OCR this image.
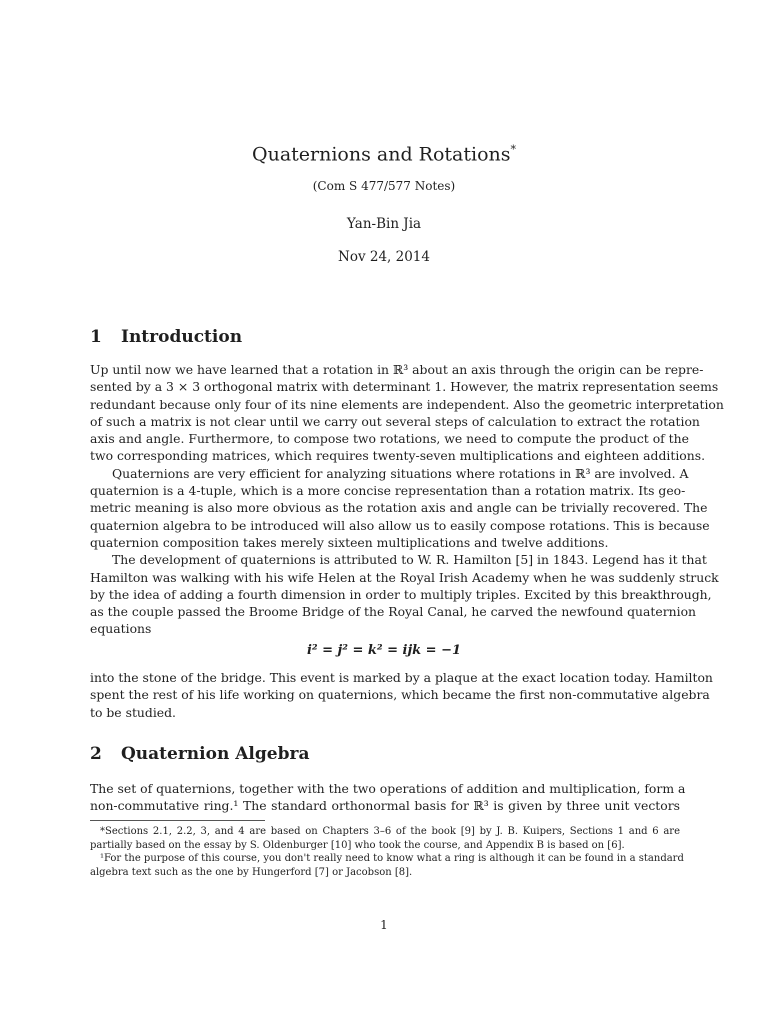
Quaternions and Rotations*
(Com S 477/577 Notes)
Yan-Bin Jia
Nov 24, 2014
1 Introduction
Up until now we have learned that a rotation in ℝ³ about an axis through the origin can be repre-
sented by a 3 × 3 orthogonal matrix with determinant 1. However, the matrix representation seems
redundant because only four of its nine elements are independent. Also the geometric interpretation
of such a matrix is not clear until we carry out several steps of calculation to extract the rotation
axis and angle. Furthermore, to compose two rotations, we need to compute the product of the
two corresponding matrices, which requires twenty-seven multiplications and eighteen additions.
Quaternions are very efficient for analyzing situations where rotations in ℝ³ are involved. A
quaternion is a 4-tuple, which is a more concise representation than a rotation matrix. Its geo-
metric meaning is also more obvious as the rotation axis and angle can be trivially recovered. The
quaternion algebra to be introduced will also allow us to easily compose rotations. This is because
quaternion composition takes merely sixteen multiplications and twelve additions.
The development of quaternions is attributed to W. R. Hamilton [5] in 1843. Legend has it that
Hamilton was walking with his wife Helen at the Royal Irish Academy when he was suddenly struck
by the idea of adding a fourth dimension in order to multiply triples. Excited by this breakthrough,
as the couple passed the Broome Bridge of the Royal Canal, he carved the newfound quaternion
equations
i² = j² = k² = ijk = −1
into the stone of the bridge. This event is marked by a plaque at the exact location today. Hamilton
spent the rest of his life working on quaternions, which became the first non-commutative algebra
to be studied.
2 Quaternion Algebra
The set of quaternions, together with the two operations of addition and multiplication, form a
non-commutative ring.¹ The standard orthonormal basis for ℝ³ is given by three unit vectors
*Sections 2.1, 2.2, 3, and 4 are based on Chapters 3–6 of the book [9] by J. B. Kuipers, Sections 1 and 6 are
partially based on the essay by S. Oldenburger [10] who took the course, and Appendix B is based on [6].
¹For the purpose of this course, you don't really need to know what a ring is although it can be found in a standard
algebra text such as the one by Hungerford [7] or Jacobson [8].
1
